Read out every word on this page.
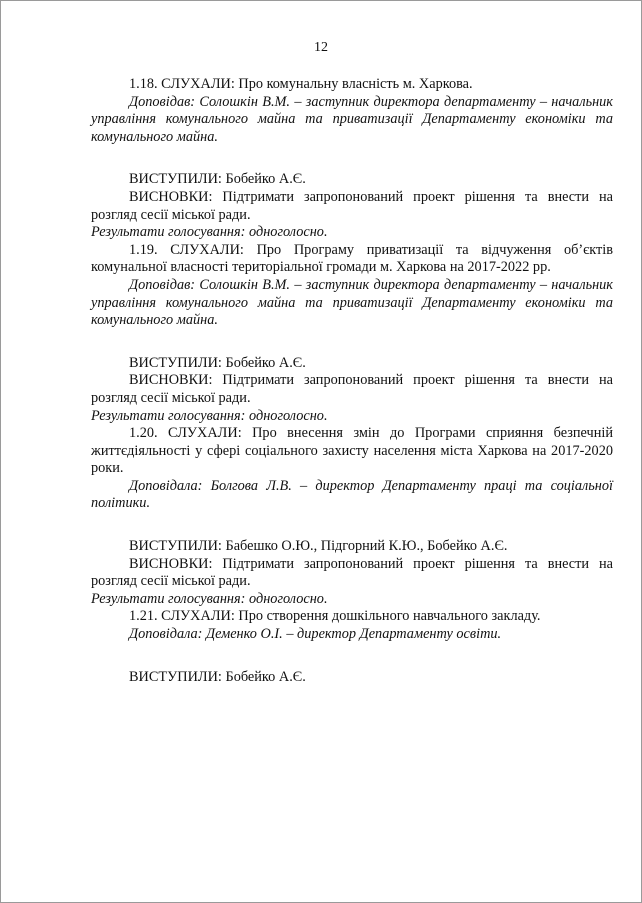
12

1.18. СЛУХАЛИ: Про комунальну власність м. Харкова.

Доповідав: Солошкін В.М. – заступник директора департаменту – начальник управління комунального майна та приватизації Департаменту економіки та комунального майна.

ВИСТУПИЛИ: Бобейко А.Є.

ВИСНОВКИ: Підтримати запропонований проект рішення та внести на розгляд сесії міської ради.

Результати голосування: одноголосно.

1.19. СЛУХАЛИ: Про Програму приватизації та відчуження об’єктів комунальної власності територіальної громади м. Харкова на 2017-2022 рр.

Доповідав: Солошкін В.М. – заступник директора департаменту – начальник управління комунального майна та приватизації Департаменту економіки та комунального майна.

ВИСТУПИЛИ: Бобейко А.Є.

ВИСНОВКИ: Підтримати запропонований проект рішення та внести на розгляд сесії міської ради.

Результати голосування: одноголосно.

1.20. СЛУХАЛИ: Про внесення змін до Програми сприяння безпечній життєдіяльності у сфері соціального захисту населення міста Харкова на 2017-2020 роки.

Доповідала: Болгова Л.В. – директор Департаменту праці та соціальної політики.

ВИСТУПИЛИ: Бабешко О.Ю., Підгорний К.Ю., Бобейко А.Є.

ВИСНОВКИ: Підтримати запропонований проект рішення та внести на розгляд сесії міської ради.

Результати голосування: одноголосно.

1.21. СЛУХАЛИ: Про створення дошкільного навчального закладу.

Доповідала: Деменко О.І. – директор Департаменту освіти.

ВИСТУПИЛИ: Бобейко А.Є.
